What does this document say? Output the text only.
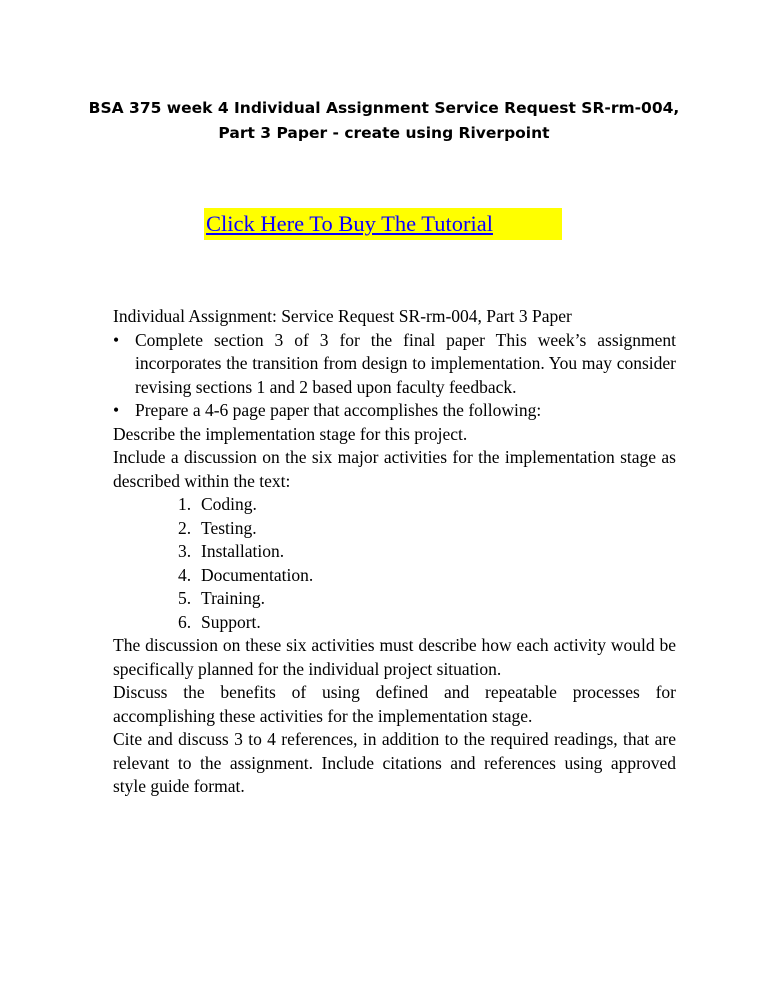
BSA 375 week 4 Individual Assignment Service Request SR-rm-004,
Part 3 Paper - create using Riverpoint
Click Here To Buy The Tutorial
Individual Assignment: Service Request SR-rm-004, Part 3 Paper
• Complete section 3 of 3 for the final paper This week’s assignment incorporates the transition from design to implementation. You may consider revising sections 1 and 2 based upon faculty feedback.
• Prepare a 4-6 page paper that accomplishes the following:
Describe the implementation stage for this project.
Include a discussion on the six major activities for the implementation stage as described within the text:
1. Coding.
2. Testing.
3. Installation.
4. Documentation.
5. Training.
6. Support.
The discussion on these six activities must describe how each activity would be specifically planned for the individual project situation.
Discuss the benefits of using defined and repeatable processes for accomplishing these activities for the implementation stage.
Cite and discuss 3 to 4 references, in addition to the required readings, that are relevant to the assignment. Include citations and references using approved style guide format.
